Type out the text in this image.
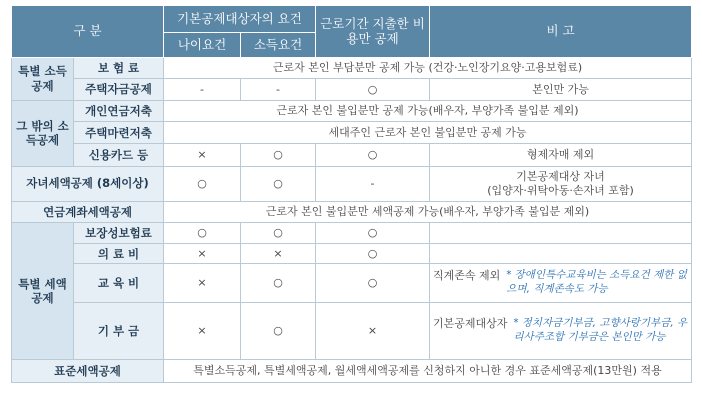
구 분		기본공제대상자의 요건		근로기간 지출한 비용만 공제	비 고
		나이요건	소득요건		
특별 소득공제	보 험 료	근로자 본인 부담분만 공제 가능 (건강·노인장기요양·고용보험료)			
	주택자금공제	-	-	○	본인만 가능
그 밖의 소득공제	개인연금저축	근로자 본인 불입분만 공제 가능(배우자, 부양가족 불입분 제외)			
	주택마련저축	세대주인 근로자 본인 불입분만 공제 가능			
	신용카드 등	×	○	○	형제자매 제외
자녀세액공제 (8세이상)		○	○	-	기본공제대상 자녀
(입양자·위탁아동·손자녀 포함)

연금계좌세액공제		근로자 본인 불입분만 세액공제 가능(배우자, 부양가족 불입분 제외)			
특별 세액공제	보장성보험료	○	○	○	
	의 료 비	×	×	○	
	교 육 비	×	○	○	직계존속 제외 * 장애인특수교육비는 소득요건 제한 없으며, 직계존속도 가능

	기 부 금	×	○	×	기본공제대상자 * 정치자금기부금, 고향사랑기부금, 우리사주조합 기부금은 본인만 가능

표준세액공제		특별소득공제, 특별세액공제, 월세액세액공제를 신청하지 아니한 경우 표준세액공제(13만원) 적용			
